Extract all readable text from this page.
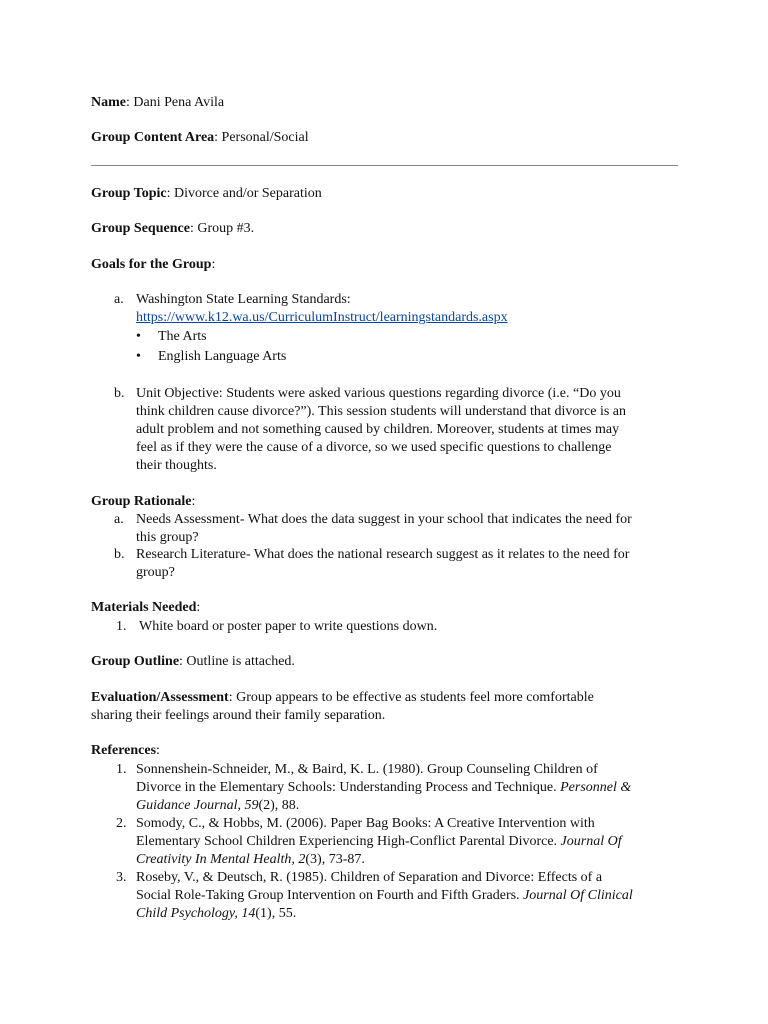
Name: Dani Pena Avila

Group Content Area: Personal/Social

Group Topic: Divorce and/or Separation

Group Sequence: Group #3.

Goals for the Group:

a. Washington State Learning Standards:
https://www.k12.wa.us/CurriculumInstruct/learningstandards.aspx
• The Arts
• English Language Arts
b. Unit Objective: Students were asked various questions regarding divorce (i.e. “Do you
think children cause divorce?”). This session students will understand that divorce is an
adult problem and not something caused by children. Moreover, students at times may
feel as if they were the cause of a divorce, so we used specific questions to challenge
their thoughts.

Group Rationale:

a. Needs Assessment- What does the data suggest in your school that indicates the need for
this group?
b. Research Literature- What does the national research suggest as it relates to the need for
group?

Materials Needed:

1. White board or poster paper to write questions down.

Group Outline: Outline is attached.

Evaluation/Assessment: Group appears to be effective as students feel more comfortable
sharing their feelings around their family separation.

References:

1. Sonnenshein-Schneider, M., & Baird, K. L. (1980). Group Counseling Children of
Divorce in the Elementary Schools: Understanding Process and Technique. Personnel &
Guidance Journal, 59(2), 88.
2. Somody, C., & Hobbs, M. (2006). Paper Bag Books: A Creative Intervention with
Elementary School Children Experiencing High-Conflict Parental Divorce. Journal Of
Creativity In Mental Health, 2(3), 73-87.
3. Roseby, V., & Deutsch, R. (1985). Children of Separation and Divorce: Effects of a
Social Role-Taking Group Intervention on Fourth and Fifth Graders. Journal Of Clinical
Child Psychology, 14(1), 55.
